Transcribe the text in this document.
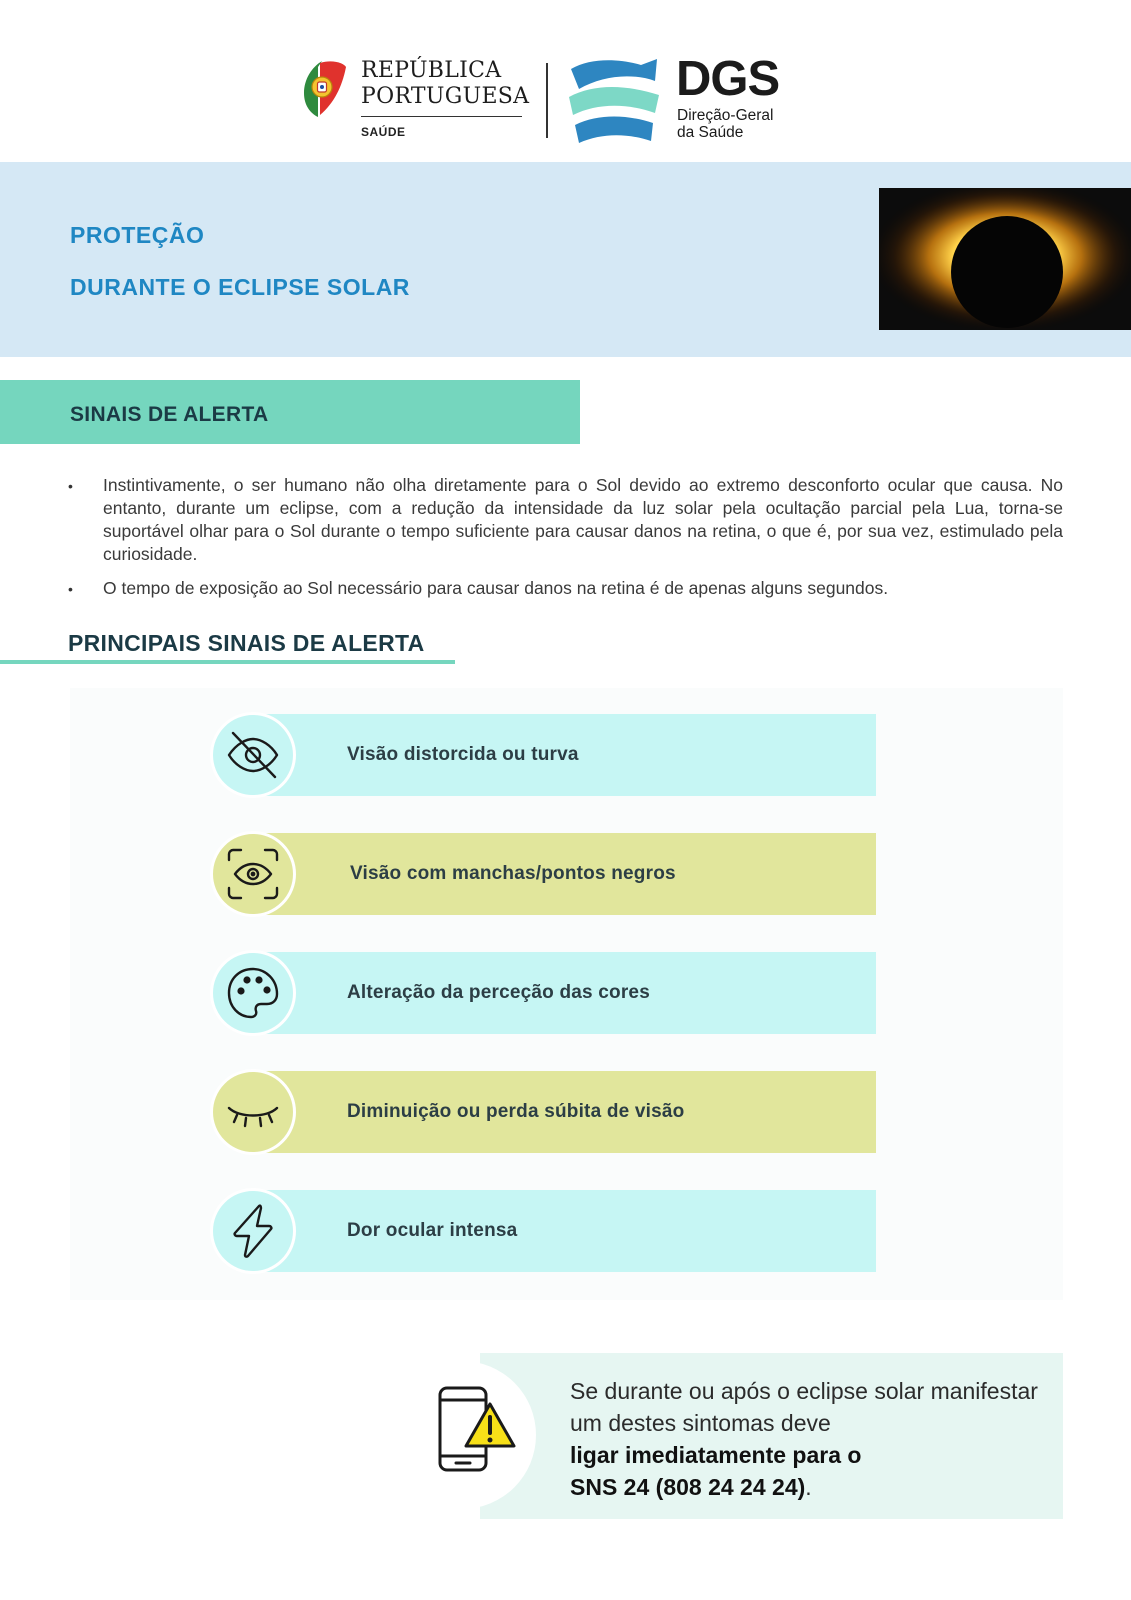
REPÚBLICA
PORTUGUESA
SAÚDE
DGS
Direção-Geral
da Saúde
PROTEÇÃO
DURANTE O ECLIPSE SOLAR
SINAIS DE ALERTA
• Instintivamente, o ser humano não olha diretamente para o Sol devido ao extremo desconforto ocular que causa. No entanto, durante um eclipse, com a redução da intensidade da luz solar pela ocultação parcial pela Lua, torna-se suportável olhar para o Sol durante o tempo suficiente para causar danos na retina, o que é, por sua vez, estimulado pela curiosidade.
• O tempo de exposição ao Sol necessário para causar danos na retina é de apenas alguns segundos.
PRINCIPAIS SINAIS DE ALERTA
Visão distorcida ou turva
Visão com manchas/pontos negros
Alteração da perceção das cores
Diminuição ou perda súbita de visão
Dor ocular intensa
Se durante ou após o eclipse solar manifestar um destes sintomas deve
ligar imediatamente para o
SNS 24 (808 24 24 24).
